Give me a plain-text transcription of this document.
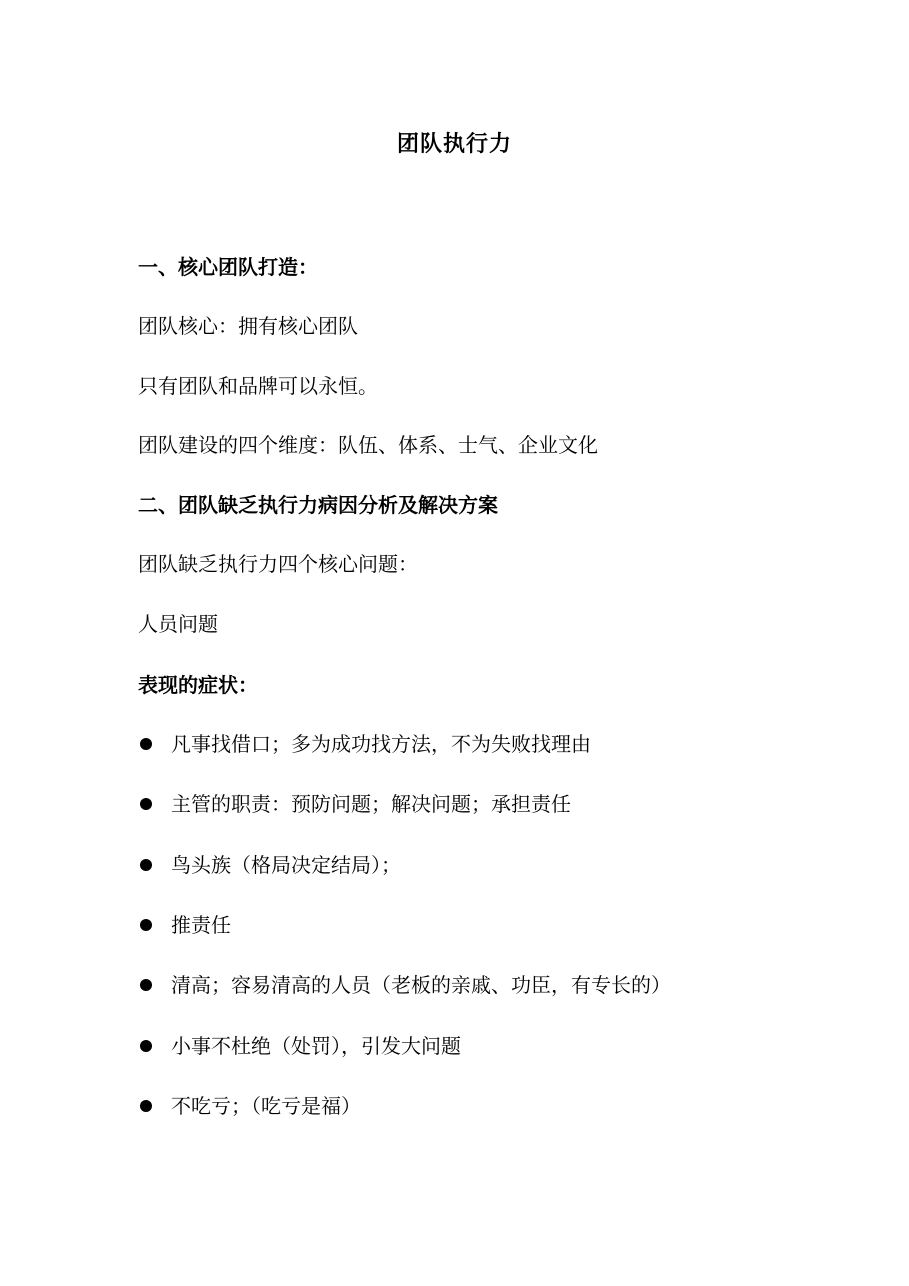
团队执行力
一、核心团队打造：
团队核心：拥有核心团队
只有团队和品牌可以永恒。
团队建设的四个维度：队伍、体系、士气、企业文化
二、团队缺乏执行力病因分析及解决方案
团队缺乏执行力四个核心问题：
人员问题
表现的症状：
凡事找借口；多为成功找方法，不为失败找理由
主管的职责：预防问题；解决问题；承担责任
鸟头族（格局决定结局）；
推责任
清高；容易清高的人员（老板的亲戚、功臣，有专长的）
小事不杜绝（处罚），引发大问题
不吃亏；（吃亏是福）
